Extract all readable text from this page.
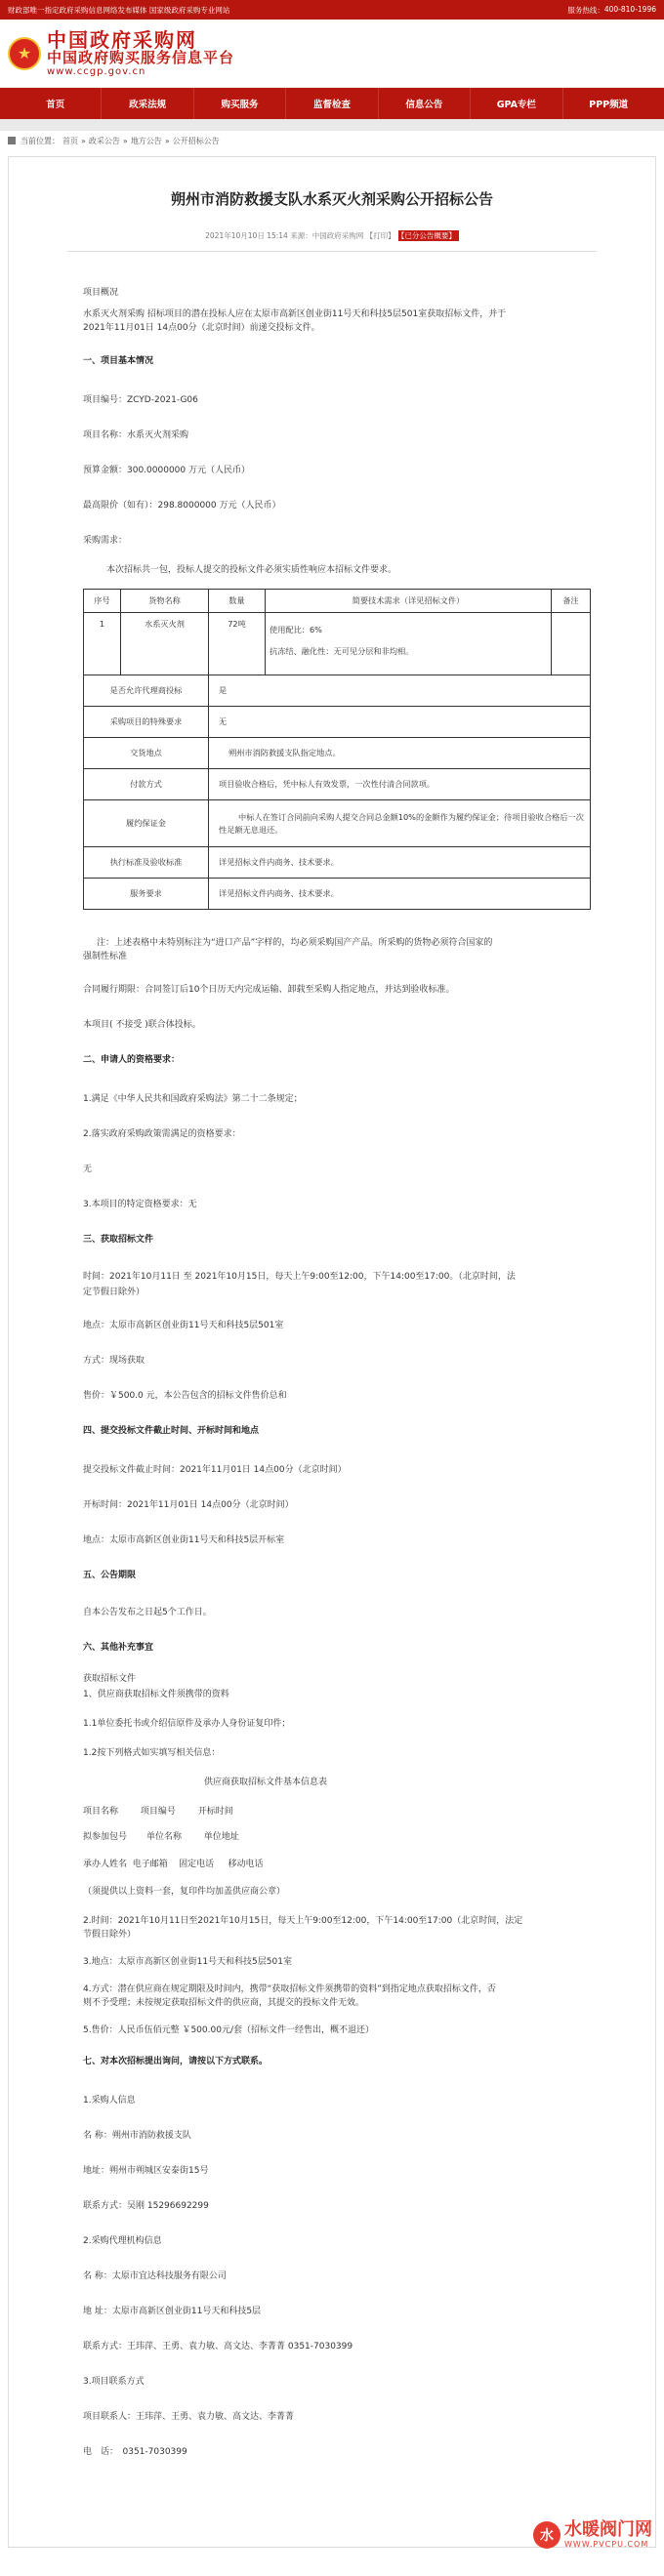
财政部唯一指定政府采购信息网络发布媒体 国家级政府采购专业网站	服务热线： 400-810-1996
★
中国政府采购网
中国政府购买服务信息平台
www.ccgp.gov.cn
首页	政采法规	购买服务	监督检查	信息公告	GPA专栏	PPP频道
当前位置： 首页 » 政采公告 » 地方公告 » 公开招标公告
朔州市消防救援支队水系灭火剂采购公开招标公告
2021年10月10日 15:14 来源：中国政府采购网 【打印】 【已分公告概要】
项目概况
水系灭火剂采购 招标项目的潜在投标人应在太原市高新区创业街11号天和科技5层501室获取招标文件，并于
2021年11月01日 14点00分（北京时间）前递交投标文件。
一、项目基本情况
项目编号：ZCYD-2021-G06
项目名称：水系灭火剂采购
预算金额：300.0000000 万元（人民币）
最高限价（如有）：298.8000000 万元（人民币）
采购需求：
本次招标共一包，投标人提交的投标文件必须实质性响应本招标文件要求。
序号	货物名称	数量	简要技术需求（详见招标文件）	备注
1	水系灭火剂	72吨	使用配比：6%
抗冻结、融化性：无可见分层和非均相。	

是否允许代理商投标		是		
采购项目的特殊要求		无		
交货地点		朔州市消防救援支队指定地点。		
付款方式		项目验收合格后，凭中标人有效发票，一次性付清合同款项。		
履约保证金		中标人在签订合同前向采购人提交合同总金额10%的金额作为履约保证金；待项目验收合格后一次性足额无息退还。		
执行标准及验收标准		详见招标文件内商务、技术要求。		
服务要求		详见招标文件内商务、技术要求。		
注：上述表格中未特别标注为“进口产品”字样的，均必须采购国产产品。所采购的货物必须符合国家的
强制性标准
合同履行期限：合同签订后10个日历天内完成运输、卸载至采购人指定地点，并达到验收标准。
本项目( 不接受 )联合体投标。
二、申请人的资格要求：
1.满足《中华人民共和国政府采购法》第二十二条规定；
2.落实政府采购政策需满足的资格要求：
无
3.本项目的特定资格要求：无
三、获取招标文件
时间：2021年10月11日 至 2021年10月15日，每天上午9:00至12:00，下午14:00至17:00。（北京时间，法
定节假日除外）
地点：太原市高新区创业街11号天和科技5层501室
方式：现场获取
售价：￥500.0 元，本公告包含的招标文件售价总和
四、提交投标文件截止时间、开标时间和地点
提交投标文件截止时间：2021年11月01日 14点00分（北京时间）
开标时间：2021年11月01日 14点00分（北京时间）
地点：太原市高新区创业街11号天和科技5层开标室
五、公告期限
自本公告发布之日起5个工作日。
六、其他补充事宜
获取招标文件
1、供应商获取招标文件须携带的资料
1.1单位委托书或介绍信原件及承办人身份证复印件；
1.2按下列格式如实填写相关信息：
供应商获取招标文件基本信息表
项目名称        项目编号        开标时间
拟参加包号       单位名称        单位地址
承办人姓名  电子邮箱    固定电话     移动电话
（须提供以上资料一套，复印件均加盖供应商公章）
2.时间：2021年10月11日至2021年10月15日，每天上午9:00至12:00，下午14:00至17:00（北京时间，法定
节假日除外）
3.地点：太原市高新区创业街11号天和科技5层501室
4.方式：潜在供应商在规定期限及时间内，携带“获取招标文件须携带的资料”到指定地点获取招标文件，否
则不予受理；未按规定获取招标文件的供应商，其提交的投标文件无效。
5.售价：人民币伍佰元整 ￥500.00元/套（招标文件一经售出，概不退还）
七、对本次招标提出询问，请按以下方式联系。
1.采购人信息
名 称：朔州市消防救援支队
地址：朔州市朔城区安泰街15号
联系方式：吴刚 15296692299
2.采购代理机构信息
名 称：太原市宜达科技服务有限公司
地 址：太原市高新区创业街11号天和科技5层
联系方式：王玮萍、王勇、袁力敏、高文达、李菁菁 0351-7030399
3.项目联系方式
项目联系人：王玮萍、王勇、袁力敏、高文达、李菁菁
电　话：　0351-7030399
水 水暖阀门网
WWW.PVCPU.COM
